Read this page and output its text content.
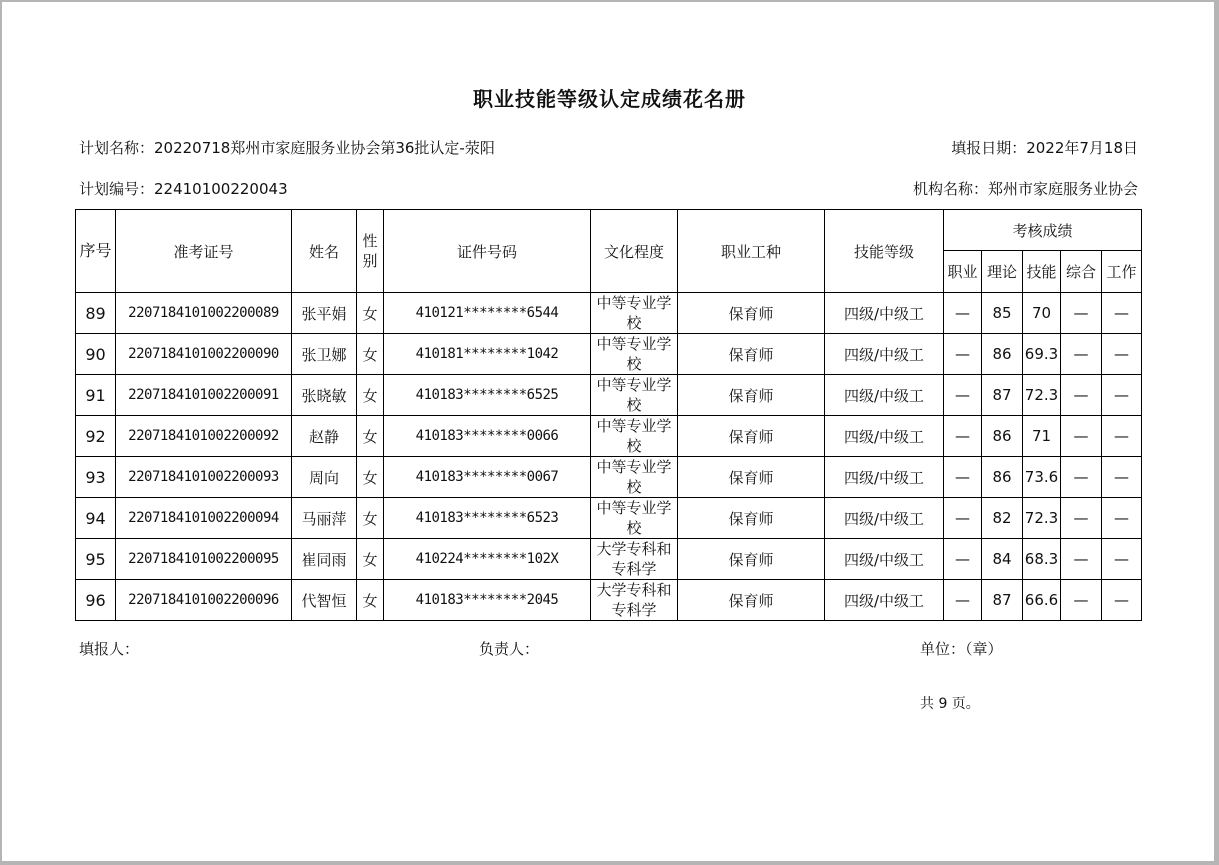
职业技能等级认定成绩花名册
计划名称：20220718郑州市家庭服务业协会第36批认定-荥阳	填报日期：2022年7月18日
计划编号：22410100220043	机构名称：郑州市家庭服务业协会
序号	准考证号	姓名	性别	证件号码	文化程度	职业工种	技能等级	考核成绩				
								职业	理论	技能	综合	工作
89	2207184101002200089	张平娟	女	410121********6544	中等专业学校	保育师	四级/中级工	—	85	70	—	—
90	2207184101002200090	张卫娜	女	410181********1042	中等专业学校	保育师	四级/中级工	—	86	69.3	—	—
91	2207184101002200091	张晓敏	女	410183********6525	中等专业学校	保育师	四级/中级工	—	87	72.3	—	—
92	2207184101002200092	赵静	女	410183********0066	中等专业学校	保育师	四级/中级工	—	86	71	—	—
93	2207184101002200093	周向	女	410183********0067	中等专业学校	保育师	四级/中级工	—	86	73.6	—	—
94	2207184101002200094	马丽萍	女	410183********6523	中等专业学校	保育师	四级/中级工	—	82	72.3	—	—
95	2207184101002200095	崔同雨	女	410224********102X	大学专科和专科学	保育师	四级/中级工	—	84	68.3	—	—
96	2207184101002200096	代智恒	女	410183********2045	大学专科和专科学	保育师	四级/中级工	—	87	66.6	—	—
填报人：	负责人：	单位：（章）
共 9 页。
